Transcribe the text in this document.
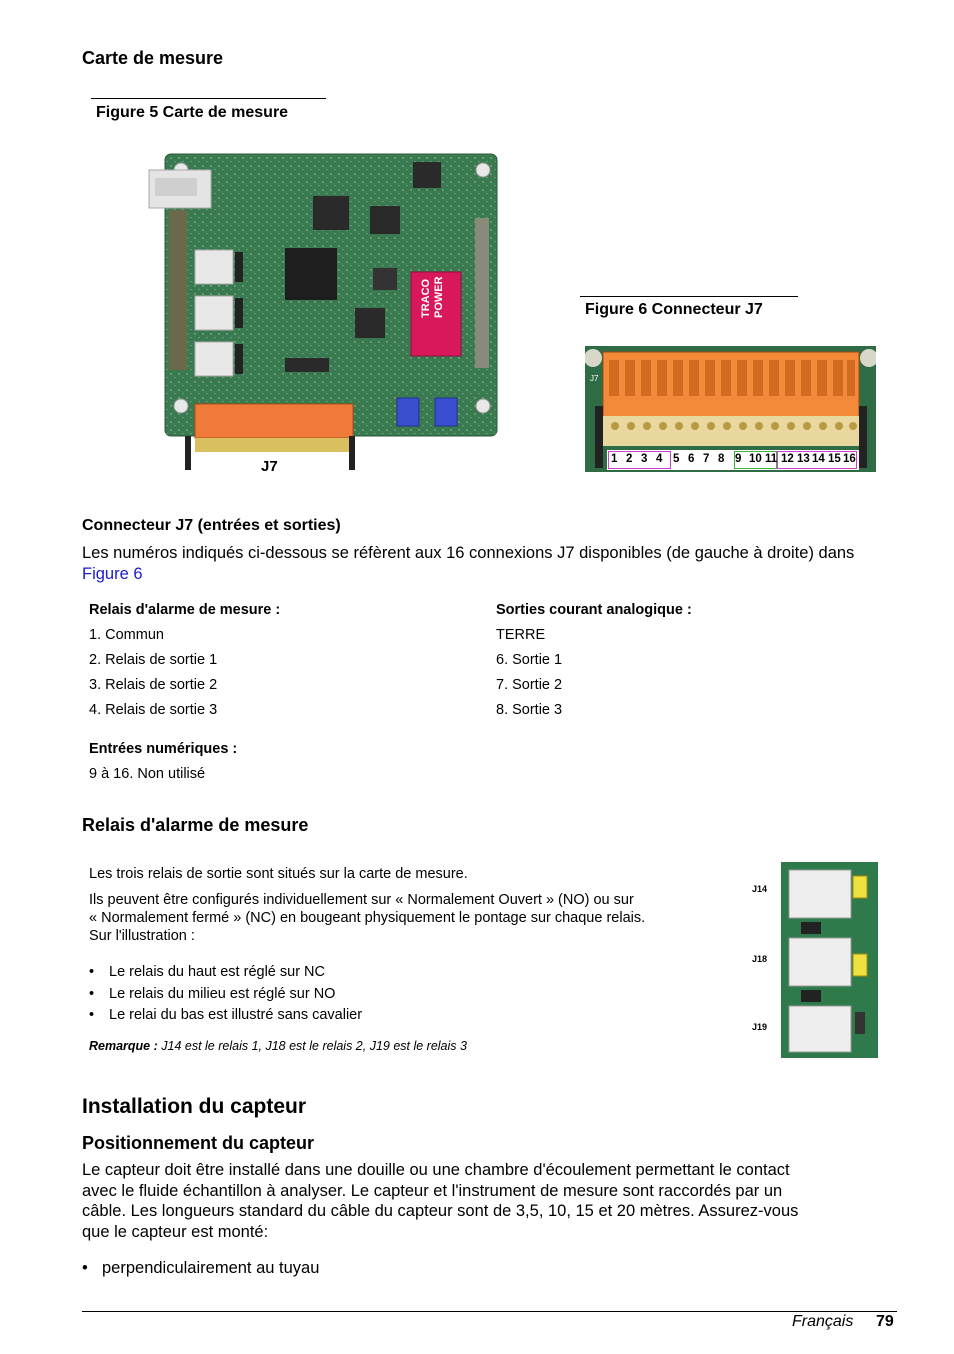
Carte de mesure
Figure 5 Carte de mesure
TRACO POWER
J7
Figure 6 Connecteur J7
J7
1 2 3 4 5 6 7 8 9 10 11 12 13 14 15 16
Connecteur J7 (entrées et sorties)
Les numéros indiqués ci-dessous se réfèrent aux 16 connexions J7 disponibles (de gauche à droite) dans Figure 6
Relais d'alarme de mesure :
1. Commun
2. Relais de sortie 1
3. Relais de sortie 2
4. Relais de sortie 3
Sorties courant analogique :
TERRE
6. Sortie 1
7. Sortie 2
8. Sortie 3
Entrées numériques :
9 à 16. Non utilisé
Relais d'alarme de mesure
Les trois relais de sortie sont situés sur la carte de mesure.
Ils peuvent être configurés individuellement sur « Normalement Ouvert » (NO) ou sur
« Normalement fermé » (NC) en bougeant physiquement le pontage sur chaque relais.
Sur l'illustration :
• Le relais du haut est réglé sur NC
• Le relais du milieu est réglé sur NO
• Le relai du bas est illustré sans cavalier
Remarque : J14 est le relais 1, J18 est le relais 2, J19 est le relais 3
J14
J18
J19
Installation du capteur
Positionnement du capteur
Le capteur doit être installé dans une douille ou une chambre d'écoulement permettant le contact
avec le fluide échantillon à analyser. Le capteur et l'instrument de mesure sont raccordés par un
câble. Les longueurs standard du câble du capteur sont de 3,5, 10, 15 et 20 mètres. Assurez-vous
que le capteur est monté:
• perpendiculairement au tuyau
Français 79
